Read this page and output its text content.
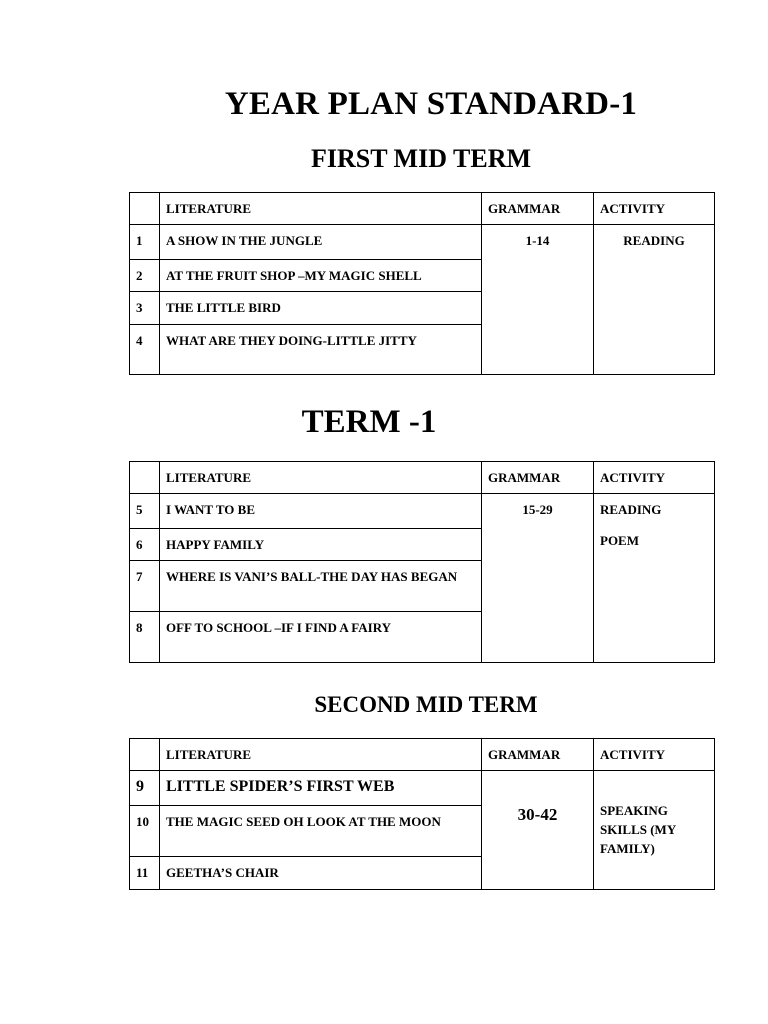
YEAR PLAN STANDARD-1
FIRST MID TERM
	LITERATURE	GRAMMAR	ACTIVITY
1	A SHOW IN THE JUNGLE	1-14	READING
2	AT THE FRUIT SHOP –MY MAGIC SHELL		
3	THE LITTLE BIRD		
4	WHAT ARE THEY DOING-LITTLE JITTY		
TERM -1
	LITERATURE	GRAMMAR	ACTIVITY
5	I WANT TO BE	15-29	READING
POEM

6	HAPPY FAMILY		
7	WHERE IS VANI’S BALL-THE DAY HAS BEGAN		
8	OFF TO SCHOOL –IF I FIND A FAIRY		
SECOND MID TERM
	LITERATURE	GRAMMAR	ACTIVITY
9	LITTLE SPIDER’S FIRST WEB	30-42	SPEAKING SKILLS (MY FAMILY)
10	THE MAGIC SEED OH LOOK AT THE MOON		
11	GEETHA’S CHAIR		
